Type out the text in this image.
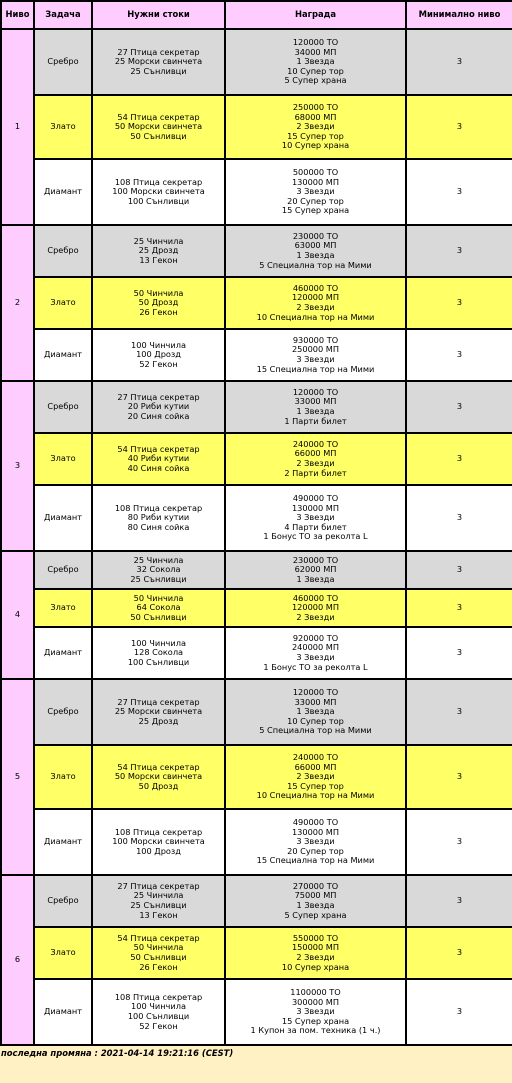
Ниво	Задача	Нужни стоки	Награда	Минимално ниво
1	Сребро	27 Птица секретар
25 Морски свинчета
25 Сънливци	120000 ТО
34000 МП
1 Звезда
10 Супер тор
5 Супер храна	3
	Злато	54 Птица секретар
50 Морски свинчета
50 Сънливци	250000 ТО
68000 МП
2 Звезди
15 Супер тор
10 Супер храна	3
	Диамант	108 Птица секретар
100 Морски свинчета
100 Сънливци	500000 ТО
130000 МП
3 Звезди
20 Супер тор
15 Супер храна	3
2	Сребро	25 Чинчила
25 Дрозд
13 Гекон	230000 ТО
63000 МП
1 Звезда
5 Специална тор на Мими	3
	Злато	50 Чинчила
50 Дрозд
26 Гекон	460000 ТО
120000 МП
2 Звезди
10 Специална тор на Мими	3
	Диамант	100 Чинчила
100 Дрозд
52 Гекон	930000 ТО
250000 МП
3 Звезди
15 Специална тор на Мими	3
3	Сребро	27 Птица секретар
20 Риби кутии
20 Синя сойка	120000 ТО
33000 МП
1 Звезда
1 Парти билет	3
	Злато	54 Птица секретар
40 Риби кутии
40 Синя сойка	240000 ТО
66000 МП
2 Звезди
2 Парти билет	3
	Диамант	108 Птица секретар
80 Риби кутии
80 Синя сойка	490000 ТО
130000 МП
3 Звезди
4 Парти билет
1 Бонус ТО за реколта L	3
4	Сребро	25 Чинчила
32 Сокола
25 Сънливци	230000 ТО
62000 МП
1 Звезда	3
	Злато	50 Чинчила
64 Сокола
50 Сънливци	460000 ТО
120000 МП
2 Звезди	3
	Диамант	100 Чинчила
128 Сокола
100 Сънливци	920000 ТО
240000 МП
3 Звезди
1 Бонус ТО за реколта L	3
5	Сребро	27 Птица секретар
25 Морски свинчета
25 Дрозд	120000 ТО
33000 МП
1 Звезда
10 Супер тор
5 Специална тор на Мими	3
	Злато	54 Птица секретар
50 Морски свинчета
50 Дрозд	240000 ТО
66000 МП
2 Звезди
15 Супер тор
10 Специална тор на Мими	3
	Диамант	108 Птица секретар
100 Морски свинчета
100 Дрозд	490000 ТО
130000 МП
3 Звезди
20 Супер тор
15 Специална тор на Мими	3
6	Сребро	27 Птица секретар
25 Чинчила
25 Сънливци
13 Гекон	270000 ТО
75000 МП
1 Звезда
5 Супер храна	3
	Злато	54 Птица секретар
50 Чинчила
50 Сънливци
26 Гекон	550000 ТО
150000 МП
2 Звезди
10 Супер храна	3
	Диамант	108 Птица секретар
100 Чинчила
100 Сънливци
52 Гекон	1100000 ТО
300000 МП
3 Звезди
15 Супер храна
1 Купон за пом. техника (1 ч.)	3
последна промяна : 2021-04-14 19:21:16 (CEST)
